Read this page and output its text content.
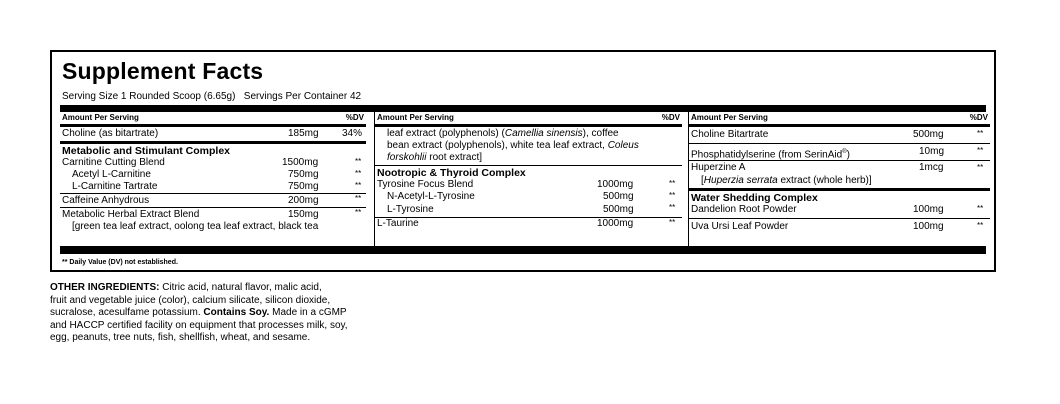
Supplement Facts
Serving Size 1 Rounded Scoop (6.65g) Servings Per Container 42
Amount Per Serving	%DV
Choline (as bitartrate)	185mg 34%
Metabolic and Stimulant Complex
Carnitine Cutting Blend	1500mg	**
Acetyl L-Carnitine	750mg	**
L-Carnitine Tartrate	750mg	**
Caffeine Anhydrous	200mg	**
Metabolic Herbal Extract Blend	150mg	**
[green tea leaf extract, oolong tea leaf extract, black tea
Amount Per Serving	%DV
leaf extract (polyphenols) (Camellia sinensis), coffee
bean extract (polyphenols), white tea leaf extract, Coleus
forskohlii root extract]
Nootropic & Thyroid Complex
Tyrosine Focus Blend	1000mg	**
N-Acetyl-L-Tyrosine	500mg	**
L-Tyrosine	500mg	**
L-Taurine	1000mg	**
Amount Per Serving	%DV
Choline Bitartrate	500mg	**
Phosphatidylserine (from SerinAid®)	10mg	**
Huperzine A	1mcg	**
[Huperzia serrata extract (whole herb)]
Water Shedding Complex
Dandelion Root Powder	100mg	**
Uva Ursi Leaf Powder	100mg	**
** Daily Value (DV) not established.
OTHER INGREDIENTS: Citric acid, natural flavor, malic acid,
fruit and vegetable juice (color), calcium silicate, silicon dioxide,
sucralose, acesulfame potassium. Contains Soy. Made in a cGMP
and HACCP certified facility on equipment that processes milk, soy,
egg, peanuts, tree nuts, fish, shellfish, wheat, and sesame.
